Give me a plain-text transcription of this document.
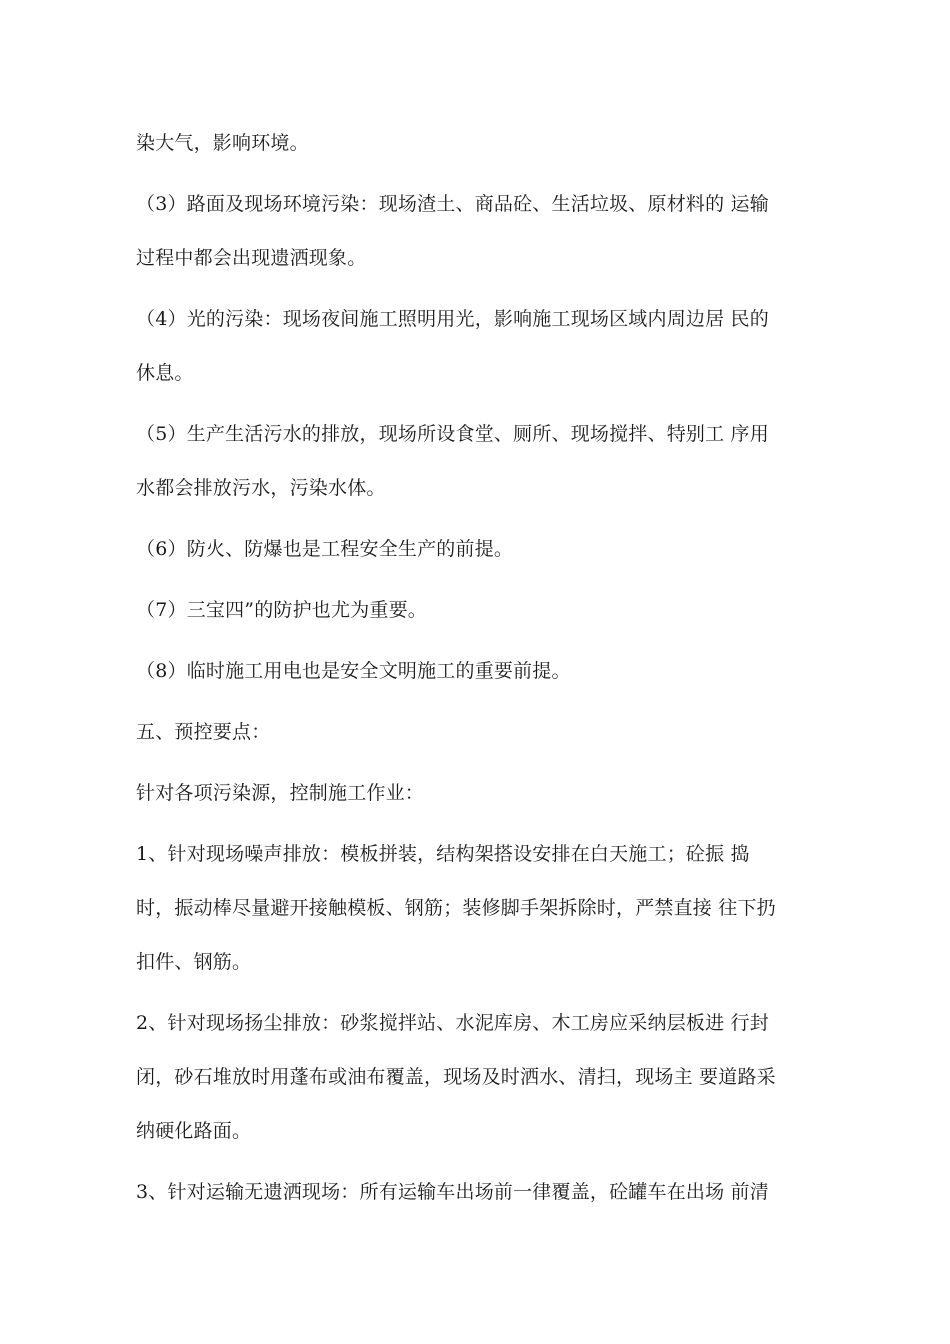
染大气，影响环境。
（3）路面及现场环境污染：现场渣土、商品砼、生活垃圾、原材料的 运输
过程中都会出现遗洒现象。
（4）光的污染：现场夜间施工照明用光，影响施工现场区域内周边居 民的
休息。
（5）生产生活污水的排放，现场所设食堂、厕所、现场搅拌、特别工 序用
水都会排放污水，污染水体。
（6）防火、防爆也是工程安全生产的前提。
（7）三宝四”的防护也尤为重要。
（8）临时施工用电也是安全文明施工的重要前提。
五、预控要点：
针对各项污染源，控制施工作业：
1、针对现场噪声排放：模板拼装，结构架搭设安排在白天施工；砼振 捣
时，振动棒尽量避开接触模板、钢筋；装修脚手架拆除时，严禁直接 往下扔
扣件、钢筋。
2、针对现场扬尘排放：砂浆搅拌站、水泥库房、木工房应采纳层板进 行封
闭，砂石堆放时用蓬布或油布覆盖，现场及时洒水、清扫，现场主 要道路采
纳硬化路面。
3、针对运输无遗洒现场：所有运输车出场前一律覆盖，砼罐车在出场 前清
